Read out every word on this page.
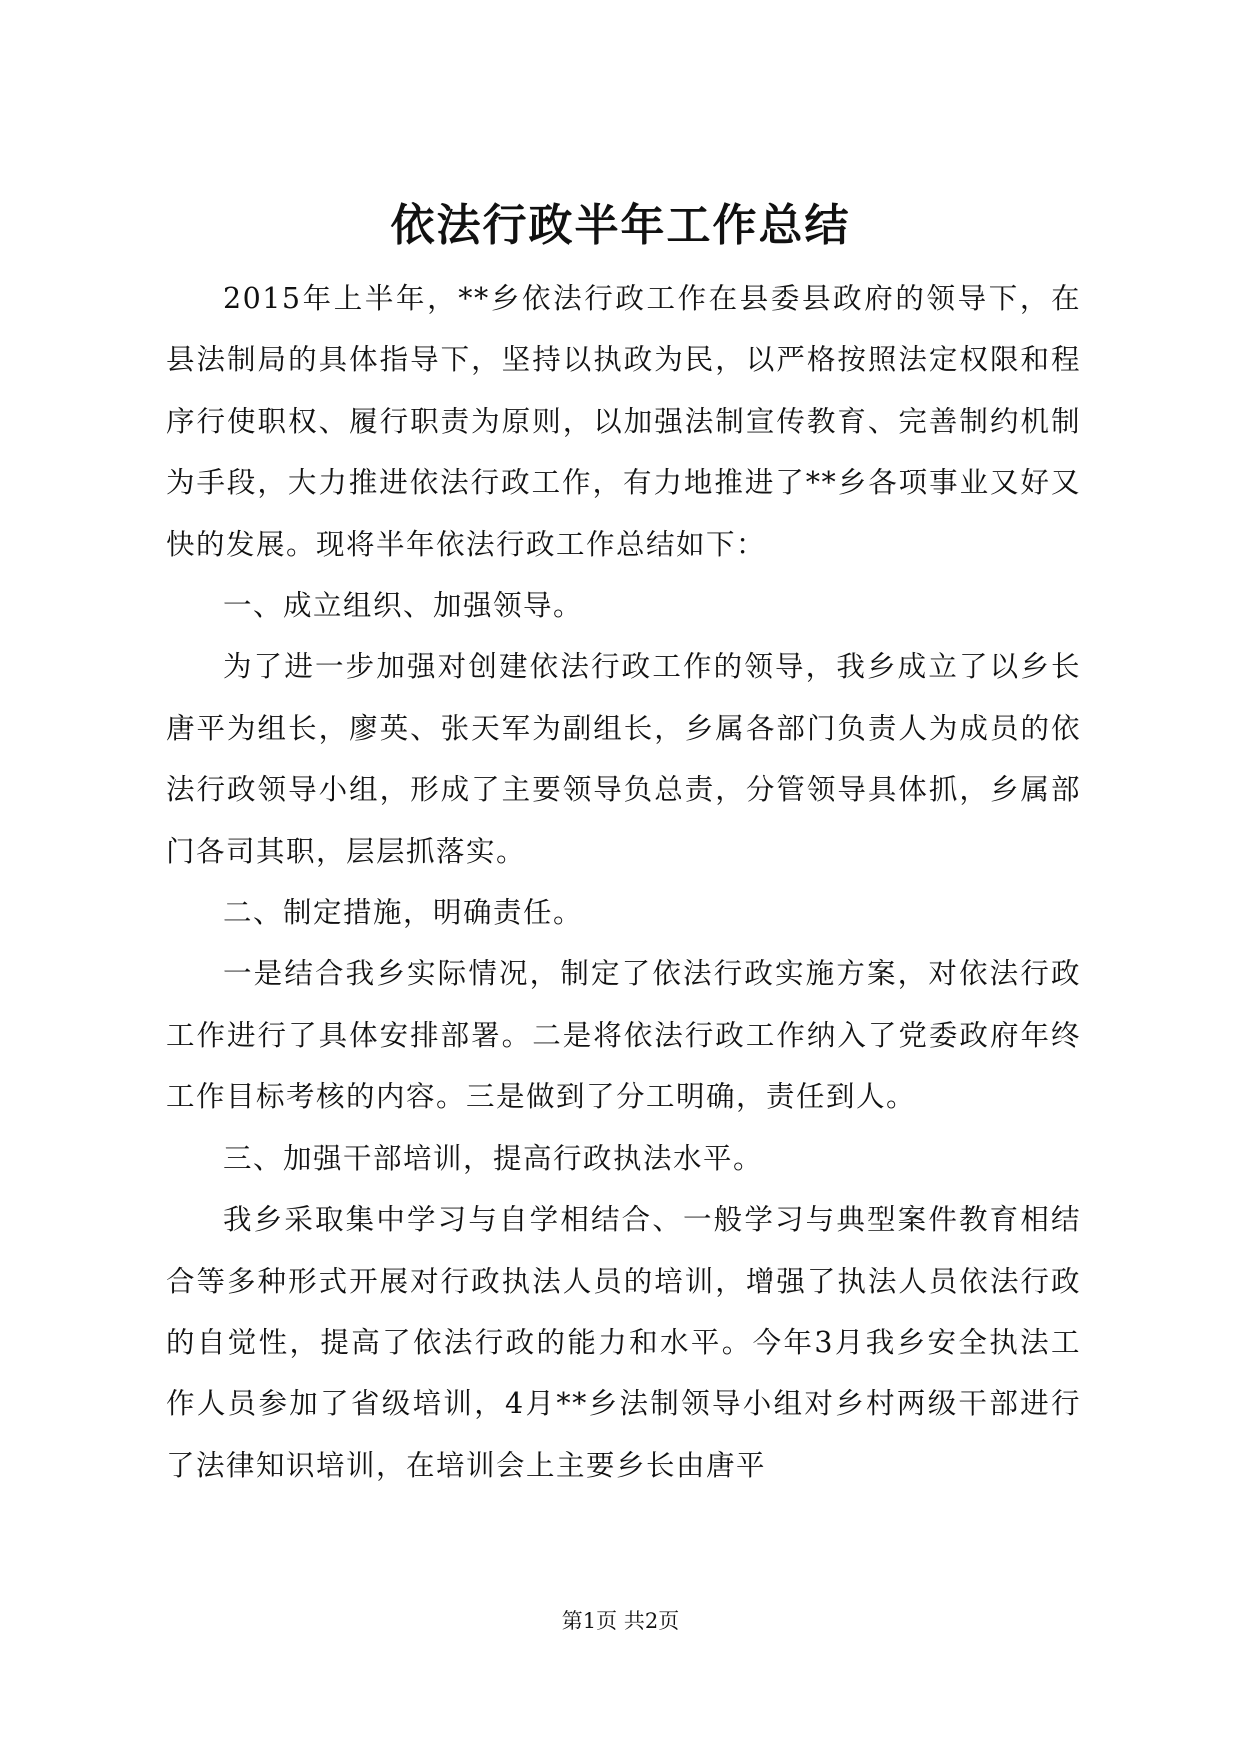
依法行政半年工作总结

2015年上半年，**乡依法行政工作在县委县政府的领导下，在县法制局的具体指导下，坚持以执政为民，以严格按照法定权限和程序行使职权、履行职责为原则，以加强法制宣传教育、完善制约机制为手段，大力推进依法行政工作，有力地推进了**乡各项事业又好又快的发展。现将半年依法行政工作总结如下：

一、成立组织、加强领导。

为了进一步加强对创建依法行政工作的领导，我乡成立了以乡长唐平为组长，廖英、张天军为副组长，乡属各部门负责人为成员的依法行政领导小组，形成了主要领导负总责，分管领导具体抓，乡属部门各司其职，层层抓落实。

二、制定措施，明确责任。

一是结合我乡实际情况，制定了依法行政实施方案，对依法行政工作进行了具体安排部署。二是将依法行政工作纳入了党委政府年终工作目标考核的内容。三是做到了分工明确，责任到人。

三、加强干部培训，提高行政执法水平。

我乡采取集中学习与自学相结合、一般学习与典型案件教育相结合等多种形式开展对行政执法人员的培训，增强了执法人员依法行政的自觉性，提高了依法行政的能力和水平。今年3月我乡安全执法工作人员参加了省级培训，4月**乡法制领导小组对乡村两级干部进行了法律知识培训，在培训会上主要乡长由唐平

第1页 共2页
